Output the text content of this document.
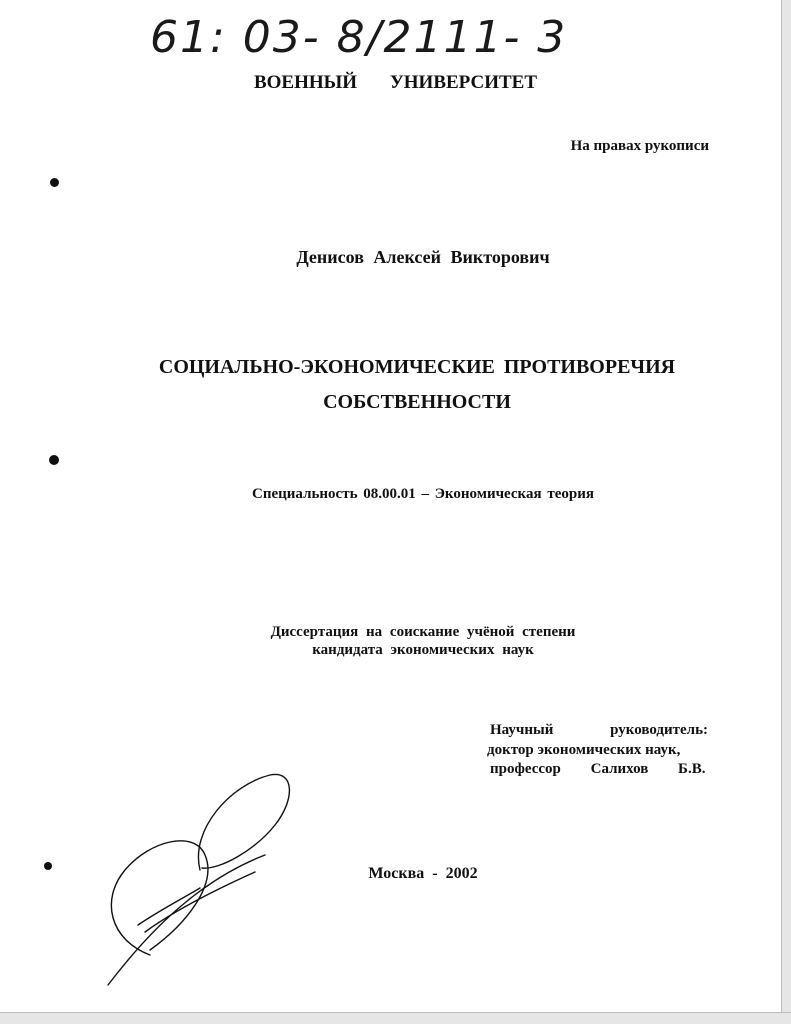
61: 03- 8/2111- 3
ВОЕННЫЙ УНИВЕРСИТЕТ
На правах рукописи
Денисов Алексей Викторович
СОЦИАЛЬНО-ЭКОНОМИЧЕСКИЕ ПРОТИВОРЕЧИЯ
СОБСТВЕННОСТИ
Специальность 08.00.01 – Экономическая теория
Диссертация на соискание учёной степени
кандидата экономических наук
Научный руководитель:
доктор экономических наук,
профессор Салихов Б.В.
Москва - 2002
